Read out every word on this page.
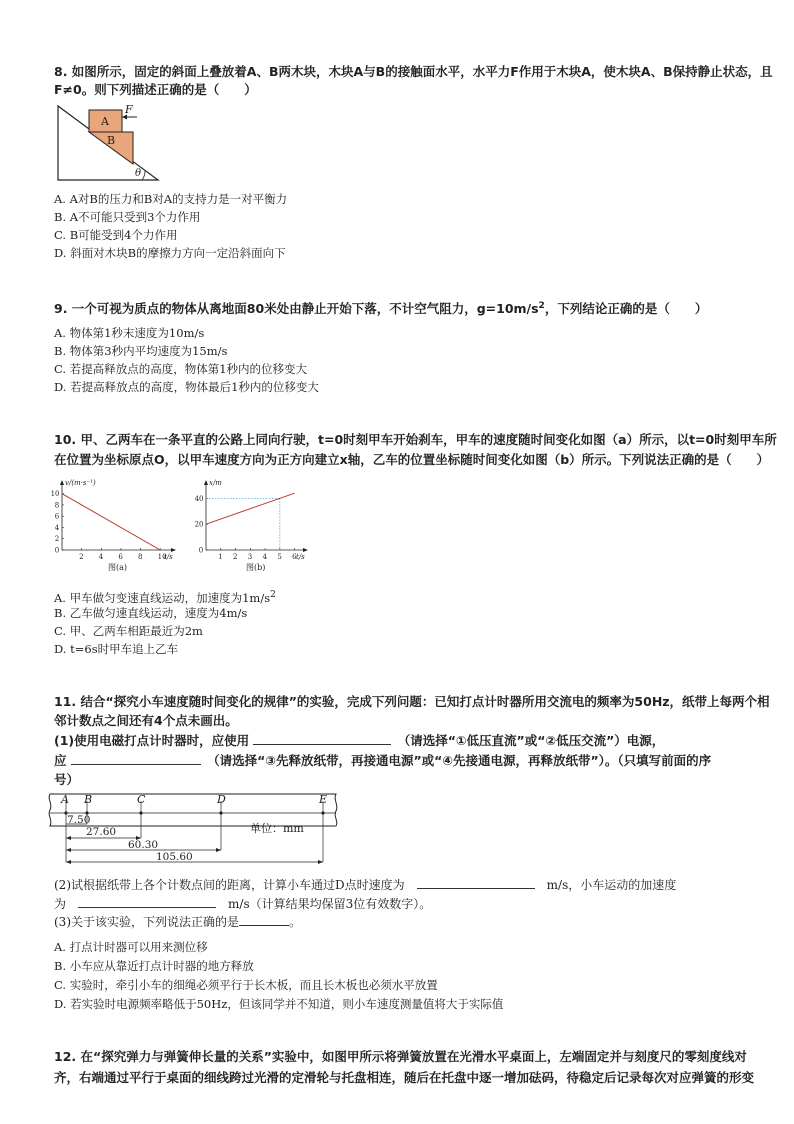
8. 如图所示，固定的斜面上叠放着A、B两木块，木块A与B的接触面水平，水平力F作用于木块A，使木块A、B保持静止状态，且
F≠0。则下列描述正确的是（　　）
A
B
F
θ
A. A对B的压力和B对A的支持力是一对平衡力
B. A不可能只受到3个力作用
C. B可能受到4个力作用
D. 斜面对木块B的摩擦力方向一定沿斜面向下
9. 一个可视为质点的物体从离地面80米处由静止开始下落，不计空气阻力，$g=10m/s^2$，下列结论正确的是（　　）
A. 物体第1秒末速度为10m/s
B. 物体第3秒内平均速度为15m/s
C. 若提高释放点的高度，物体第1秒内的位移变大
D. 若提高释放点的高度，物体最后1秒内的位移变大
10. 甲、乙两车在一条平直的公路上同向行驶，t=0时刻甲车开始刹车，甲车的速度随时间变化如图（a）所示，以t=0时刻甲车所
在位置为坐标原点O，以甲车速度方向为正方向建立x轴，乙车的位置坐标随时间变化如图（b）所示。下列说法正确的是（　　）
2 4 6 8 10
0
2
4
6
8
10
v/(m·s⁻¹)
t/s
图(a)
1 2 3 4 5 6
0
20
40
x/m
t/s
图(b)
A. 甲车做匀变速直线运动，加速度为$1m/s^2$
B. 乙车做匀速直线运动，速度为4m/s
C. 甲、乙两车相距最近为2m
D. t=6s时甲车追上乙车
11. 结合“探究小车速度随时间变化的规律”的实验，完成下列问题：已知打点计时器所用交流电的频率为50Hz，纸带上每两个相
邻计数点之间还有4个点未画出。
(1)使用电磁打点计时器时，应使用 　	（请选择“①低压直流”或“②低压交流”）电源，
应 　	（请选择“③先释放纸带，再接通电源”或“④先接通电源，再释放纸带”）。（只填写前面的序
号）
A B	C	D	E
7.50
27.60
60.30
105.60
单位：mm
(2)试根据纸带上各个计数点间的距离，计算小车通过D点时速度为　　	m/s，小车运动的加速度
为　　	m/s（计算结果均保留3位有效数字）。
(3)关于该实验，下列说法正确的是	。
A. 打点计时器可以用来测位移
B. 小车应从靠近打点计时器的地方释放
C. 实验时，牵引小车的细绳必须平行于长木板，而且长木板也必须水平放置
D. 若实验时电源频率略低于50Hz，但该同学并不知道，则小车速度测量值将大于实际值
12. 在“探究弹力与弹簧伸长量的关系”实验中，如图甲所示将弹簧放置在光滑水平桌面上，左端固定并与刻度尺的零刻度线对
齐，右端通过平行于桌面的细线跨过光滑的定滑轮与托盘相连，随后在托盘中逐一增加砝码，待稳定后记录每次对应弹簧的形变
